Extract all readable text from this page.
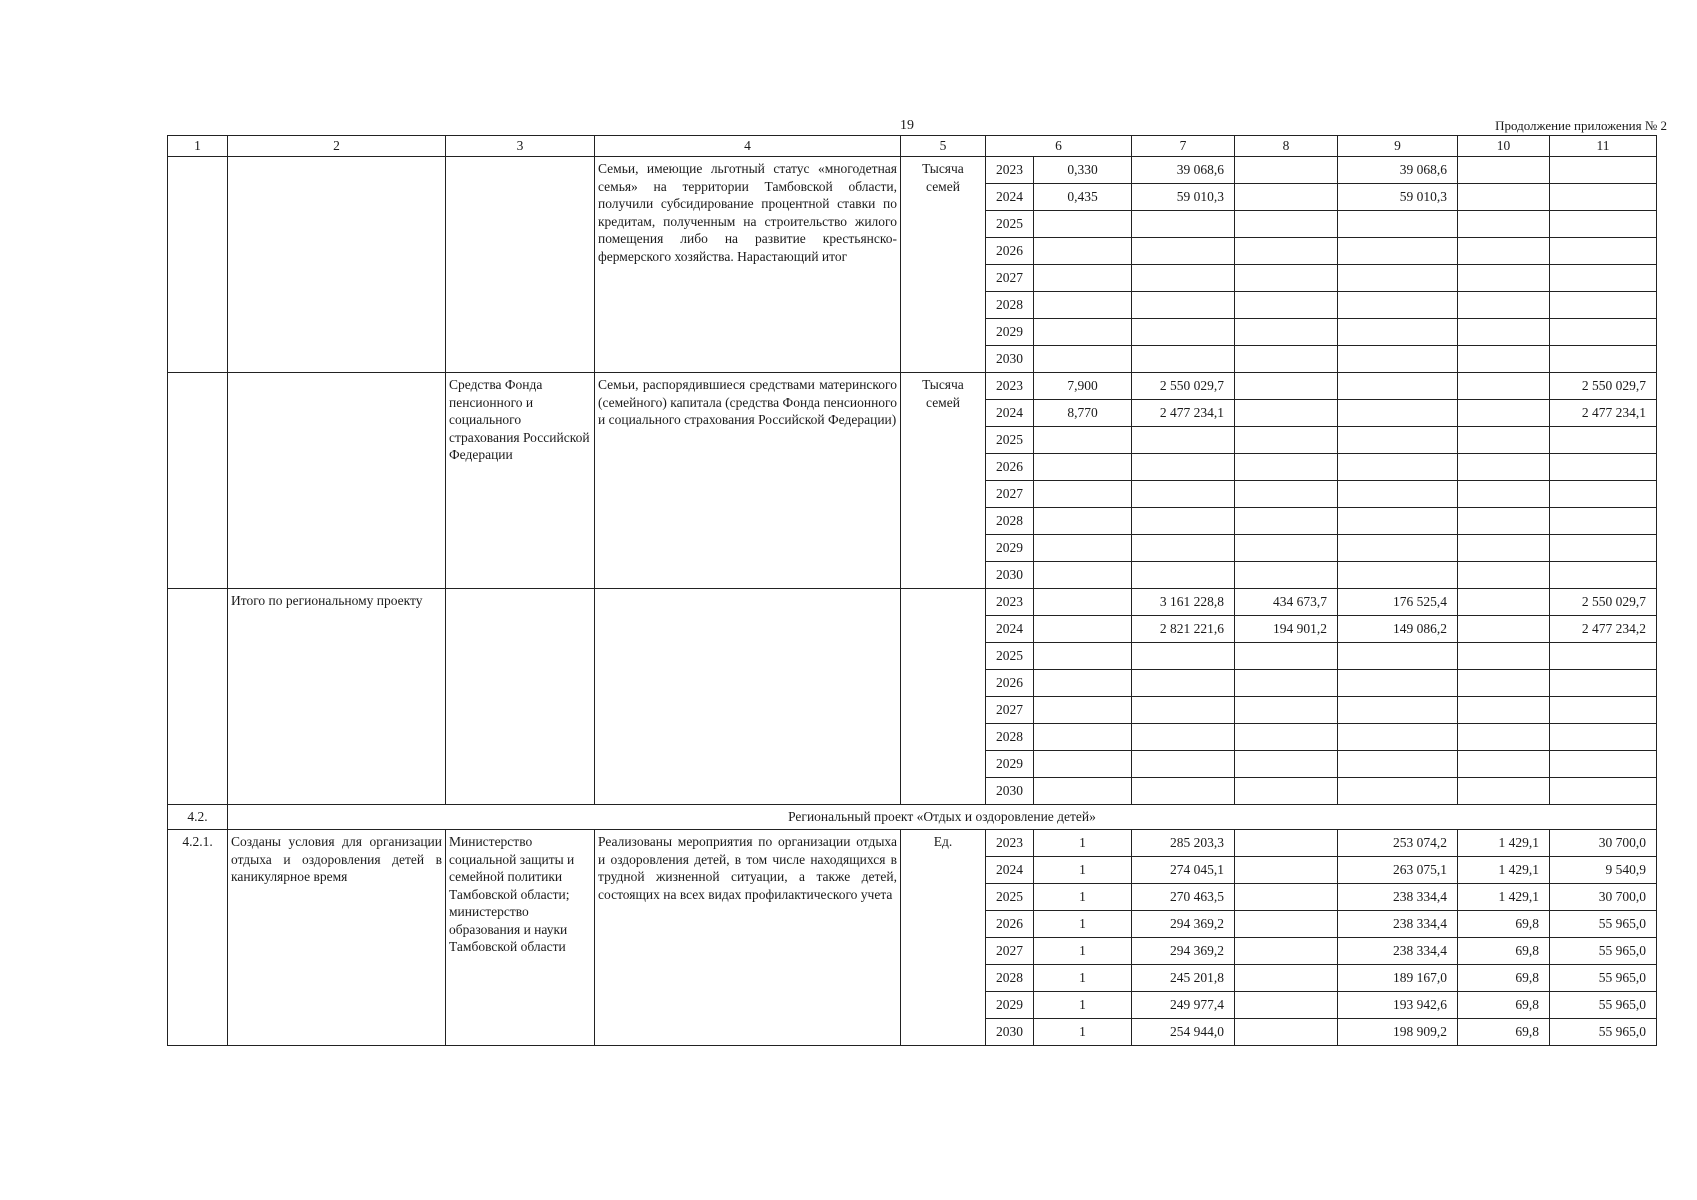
19	Продолжение приложения № 2
1	2	3	4	5	6		7	8	9	10	11
			Семьи, имеющие льготный статус «многодетная семья» на территории Тамбовской области, получили субсидирование процентной ставки по кредитам, полученным на строительство жилого помещения либо на развитие крестьянско-фермерского хозяйства. Нарастающий итог	Тысяча семей	2023	0,330	39 068,6		39 068,6		
					2024	0,435	59 010,3		59 010,3		
					2025						
					2026						
					2027						
					2028						
					2029						
					2030						
		Средства Фонда пенсионного и социального страхования Российской Федерации	Семьи, распорядившиеся средствами материнского (семейного) капитала (средства Фонда пенсионного и социального страхования Российской Федерации)	Тысяча семей	2023	7,900	2 550 029,7				2 550 029,7
					2024	8,770	2 477 234,1				2 477 234,1
					2025						
					2026						
					2027						
					2028						
					2029						
					2030						
	Итого по региональному проекту				2023		3 161 228,8	434 673,7	176 525,4		2 550 029,7
					2024		2 821 221,6	194 901,2	149 086,2		2 477 234,2
					2025						
					2026						
					2027						
					2028						
					2029						
					2030						
4.2.	Региональный проект «Отдых и оздоровление детей»										
4.2.1.	Созданы условия для организации отдыха и оздоровления детей в каникулярное время	Министерство социальной защиты и семейной политики Тамбовской области; министерство образования и науки Тамбовской области	Реализованы мероприятия по организации отдыха и оздоровления детей, в том числе находящихся в трудной жизненной ситуации, а также детей, состоящих на всех видах профилактического учета	Ед.	2023	1	285 203,3		253 074,2	1 429,1	30 700,0
					2024	1	274 045,1		263 075,1	1 429,1	9 540,9
					2025	1	270 463,5		238 334,4	1 429,1	30 700,0
					2026	1	294 369,2		238 334,4	69,8	55 965,0
					2027	1	294 369,2		238 334,4	69,8	55 965,0
					2028	1	245 201,8		189 167,0	69,8	55 965,0
					2029	1	249 977,4		193 942,6	69,8	55 965,0
					2030	1	254 944,0		198 909,2	69,8	55 965,0
